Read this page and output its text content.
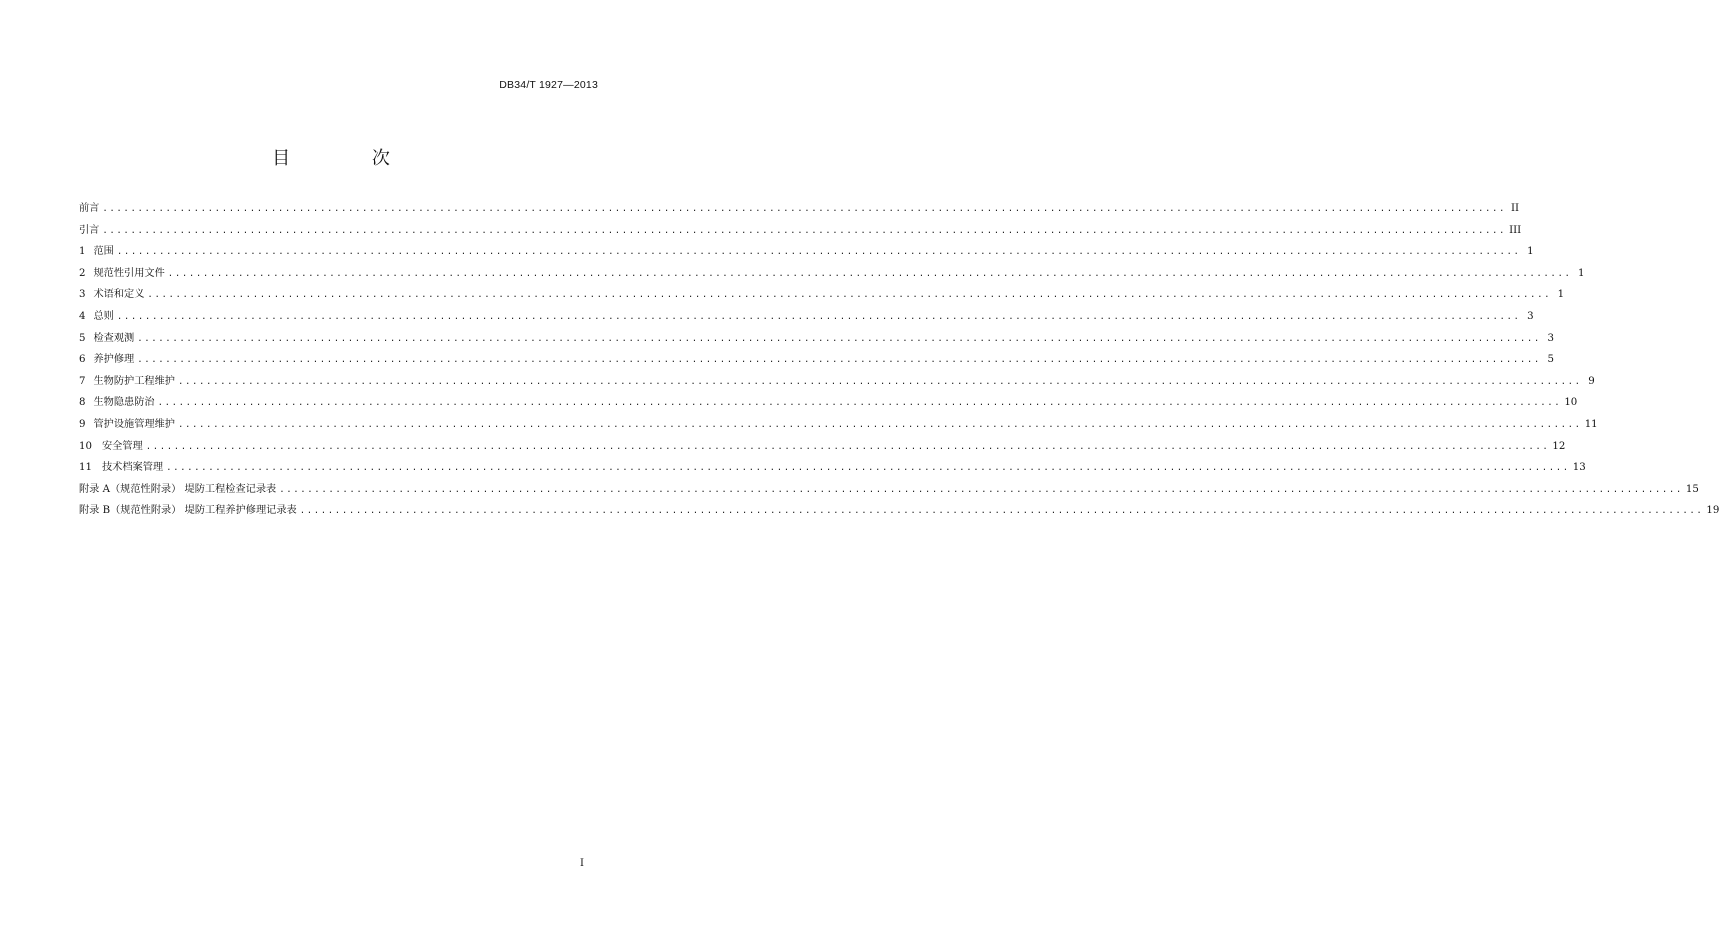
DB34/T 1927—2013
目 次
前言 ........................................................................................................................................................................................................ II
引言 ........................................................................................................................................................................................................ III
1 范围 ........................................................................................................................................................................................................ 1
2 规范性引用文件 ........................................................................................................................................................................................................ 1
3 术语和定义 ........................................................................................................................................................................................................ 1
4 总则 ........................................................................................................................................................................................................ 3
5 检查观测 ........................................................................................................................................................................................................ 3
6 养护修理 ........................................................................................................................................................................................................ 5
7 生物防护工程维护 ........................................................................................................................................................................................................ 9
8 生物隐患防治 ........................................................................................................................................................................................................ 10
9 管护设施管理维护 ........................................................................................................................................................................................................ 11
10 安全管理 ........................................................................................................................................................................................................ 12
11 技术档案管理 ........................................................................................................................................................................................................ 13
附录 A（规范性附录） 堤防工程检查记录表 ........................................................................................................................................................................................................ 15
附录 B（规范性附录） 堤防工程养护修理记录表 ........................................................................................................................................................................................................ 19
I
